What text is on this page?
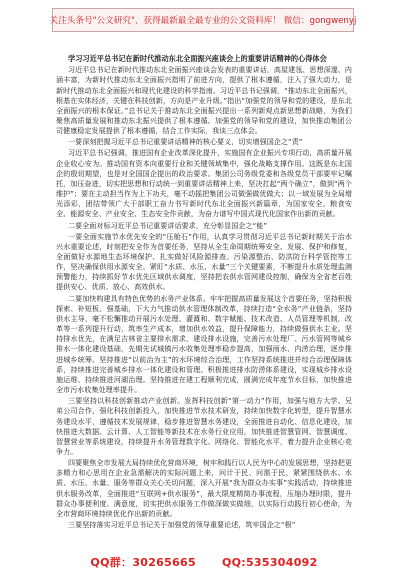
关注头条号"公文研究"，获得最新最全最专业的公文资料库！ 微信：gongwenyj

学习习近平总书记在新时代推动东北全面振兴座谈会上的重要讲话精神的心得体会

习近平总书记在新时代推动东北全面振兴座谈会发表的重要讲话，高屋建瓴、思想深邃、内涵丰富，为新时代推动东北全面振兴指明了前进方向，提供了根本遵循，注入了强大动力，是新时代推动东北全面振兴和现代化建设的科学指南。习近平总书记强调，“推动东北全面振兴，根基在实体经济，关键在科技创新，方向是产业升级。”指出“加强党的领导和党的建设，是东北全面振兴的根本保证。”总书记关于推动东北全面振兴提出一系列新观点新思想新战略，为我们聚焦高质量发展和推动东北振兴提供了根本遵循。加强党的领导和党的建设，加快推动集团公司健康稳定发展提供了根本遵循，结合工作实际，我谈三点体会。

一要深刻把握习近平总书记重要讲话精神的核心要义，切实增强国企之“责”

习近平总书记强调，推进国有企业改革深化提升，实施国有企业振兴专项行动，高质量开展企业收心安为。推动国有资本向重要行业和关键领域集中，强化战略支撑作用。这既是东北国企的殷切期望，也是对全国国企提出的政治要求。集团公司务级党委和各级党员干部要牢记嘱托，加压奋进，切实把思想和行动统一到重要讲话精神上来，坚决扛起“两个确立”，做到“两个维护”；要在主动担当作为上下功夫，毫不动摇把集团公司做强做优做大；以一域发展为全局增光添彩，团结带领广大干部职工奋力书写新时代东北全面振兴新篇章，为国家安全、粮食安全、能源安全、产业安全、生态安全作贡献，为奋力谱写中国式现代化国家作出新的贡献。

二要全面对标习近平总书记重要讲话要求，充分彰显国企之“能”

一要全面实施节水优先安全的“压舱石”作用，认真学习贯彻习近平总书记新时期关于治水兴水重要论述，时刻把安全作为首要任务，坚持从全生命周期统筹安全、发展、保护和修复，全面做好水源地生态环境保护、扎实做好风险源排查、污染源整治、防洪防台科学管控等工作，坚决确保供用水源安全、紧盯“水质、水压、水量”三个关键要素，不断提升水质处理监测预警能力，持续抓好节水优先区域供水调度，坚持把农供水管网建设控制，确保为全省老百姓提供安心、优质、放心、高效供水。

二要加快构建具有特色优势的水务产业体系。牢牢把握高质量发展这个首要任务，坚持积极探索、补短板、强基础，下大力气推动供水管理体制改革，持续打造“全水务”产业链条，坚持供水主导，毫不松懈推动开展污水处理、灌溉和、数字赋能、技术改造、人员管理等机制，改革等一系列提升行动，筑率生产成本，增加供水效益，提升保障能力，持续做强供水主业。坚持排水优先，在满足吉林省主要排水需求，建设排水设施，完善污水处理厂、污水管网等城乡排水一体化建设基础，先期先试城镇污水收集处理率稳步提高，加强雨水、内涝治理，逐步推进城乡统筹。坚持推进“以前治为主”的水环境综合治理，工作坚持系统推进并综合治理保障体系，持续推进完善城乡排水一体化建设和管理。积极推进排水防涝体系建设，实现城乡排水设施运维、持续推进河湖治理。坚持推进在建工程顺利完成，圆满完成年度节水目标，加快推进全市污水收集处理率提升。

三要坚持以科技创新推动产业创新。发挥科技创新“第一动力”作用，加强与地方大学、兄弟公司合作，强化科技创新投入，加快推进节水技术研发，持续加快数字化转型，提升智慧水务建设水平，遵循技术发展规律，稳步推进智慧水务建设，全面推进自动化、信息化建设，加快推进大数据、云计算、人工智能等新技术在水务行业应用，加快推进智慧管网、智慧调度、智慧营业等系统建设，持续提升水务管理数字化、网络化、智能化水平，着力提升企业核心竞争力。

四要聚焦全市发展大局持续优化营商环境，树牢和践行以人民为中心的发展思想，坚持把更多精力和心思用在企业急需解决的实际问题上来，问计于民、问需于民，紧紧围绕供水、水质、水压、水量、服务等群众关心关切问题，深入开展“我为群众办实事”实践活动，持续推进供水服务改革，全面推进“互联网+供水服务”，最大限度精简办事流程，压缩办理时限，提升群众办事便利度、满意度，切实把供水服务工作做深做实做细，以实际行动践行初心使命，为全市营商环境持续优化作出新的贡献。

三要坚持落实习近平总书记关于加强党的领导重要论述，筑牢国企之“根”

QQ群：30265665 QQ:535304092
